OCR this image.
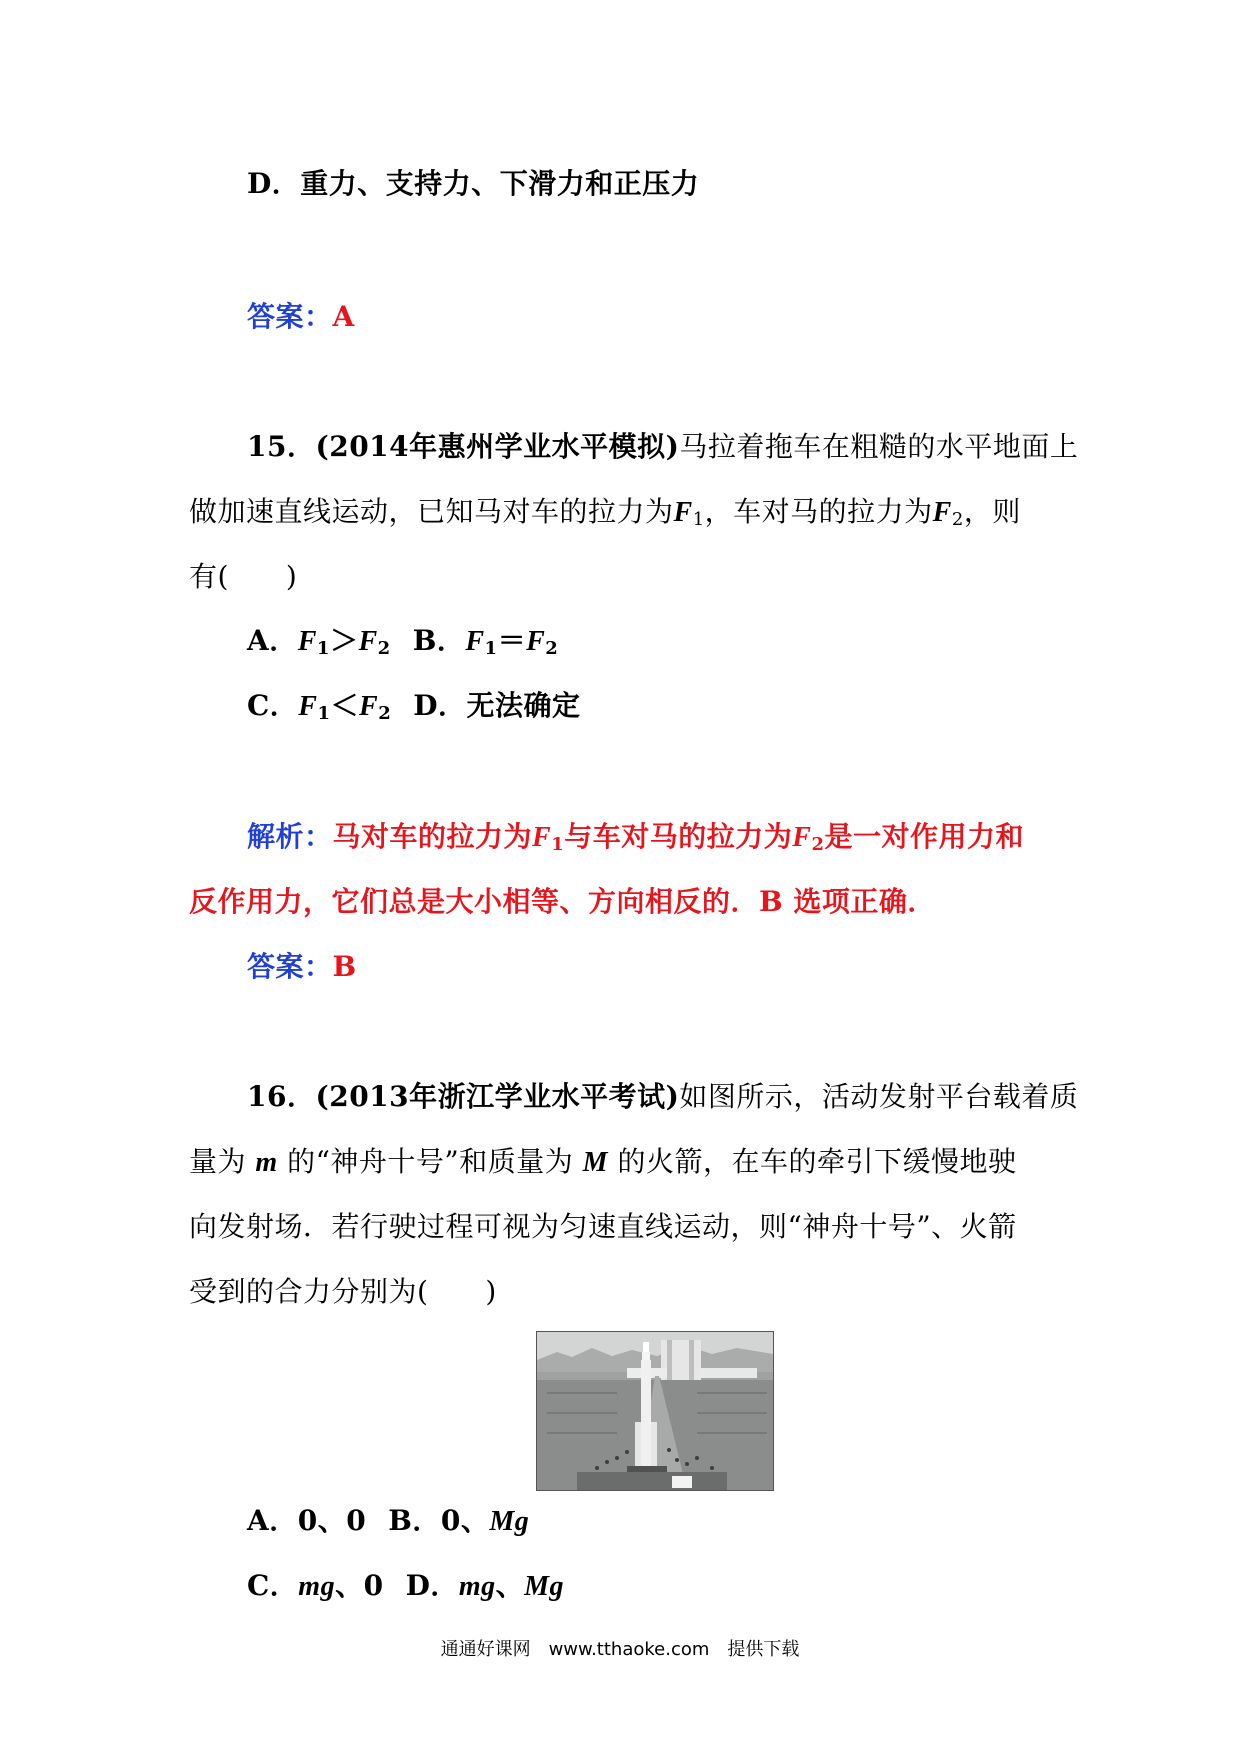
D．重力、支持力、下滑力和正压力
答案：A
15．(2014年惠州学业水平模拟)马拉着拖车在粗糙的水平地面上
做加速直线运动，已知马对车的拉力为$F_1$，车对马的拉力为$F_2$，则
有(　　)
A．$F_1>F_2$ B．$F_1=F_2$
C．$F_1<F_2$ D．无法确定
解析：马对车的拉力为$F_1$与车对马的拉力为$F_2$是一对作用力和
反作用力，它们总是大小相等、方向相反的．B 选项正确．
答案：B
16．(2013年浙江学业水平考试)如图所示，活动发射平台载着质
量为 m 的“神舟十号”和质量为 M 的火箭，在车的牵引下缓慢地驶
向发射场．若行驶过程可视为匀速直线运动，则“神舟十号”、火箭
受到的合力分别为(　　)
A．0、0 B．0、Mg
C．mg、0 D．mg、Mg
通通好课网　www.tthaoke.com　提供下载
